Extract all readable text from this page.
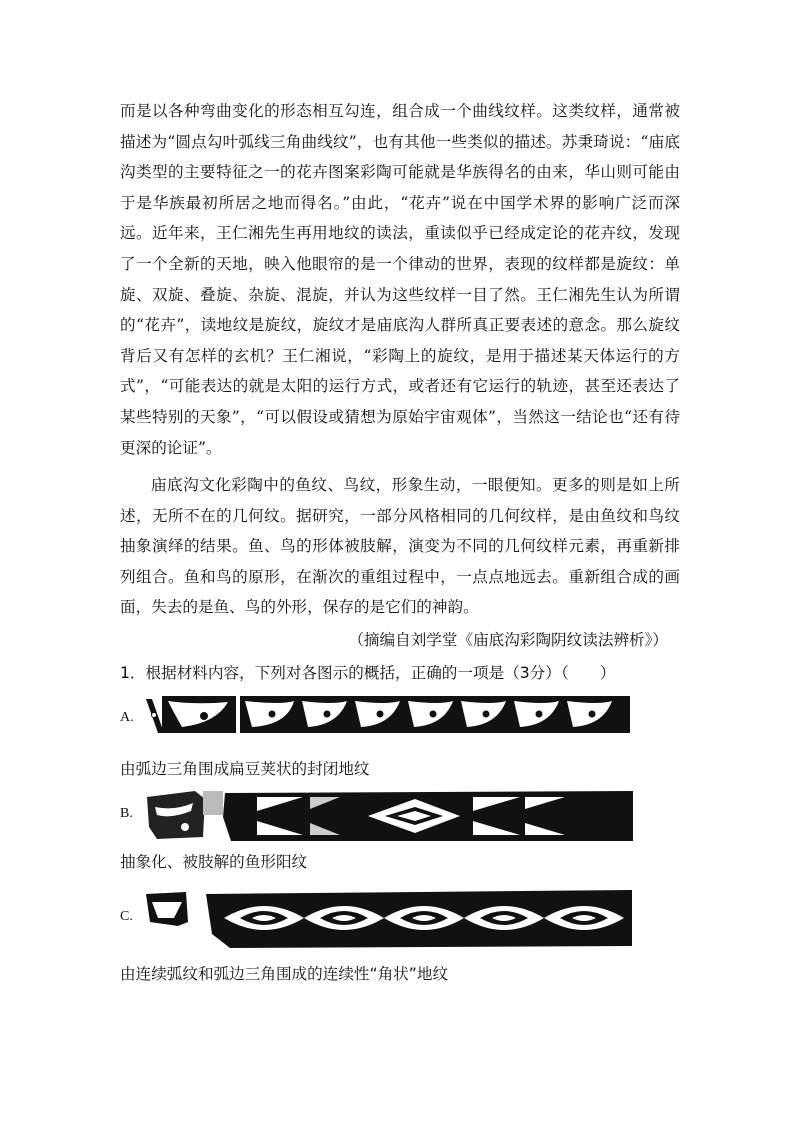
而是以各种弯曲变化的形态相互勾连，组合成一个曲线纹样。这类纹样，通常被描述为“圆点勾叶弧线三角曲线纹”，也有其他一些类似的描述。苏秉琦说：“庙底沟类型的主要特征之一的花卉图案彩陶可能就是华族得名的由来，华山则可能由于是华族最初所居之地而得名。”由此，“花卉”说在中国学术界的影响广泛而深远。近年来，王仁湘先生再用地纹的读法，重读似乎已经成定论的花卉纹，发现了一个全新的天地，映入他眼帘的是一个律动的世界，表现的纹样都是旋纹：单旋、双旋、叠旋、杂旋、混旋，并认为这些纹样一目了然。王仁湘先生认为所谓的“花卉”，读地纹是旋纹，旋纹才是庙底沟人群所真正要表述的意念。那么旋纹背后又有怎样的玄机？王仁湘说，“彩陶上的旋纹，是用于描述某天体运行的方式”，“可能表达的就是太阳的运行方式，或者还有它运行的轨迹，甚至还表达了某些特别的天象”，“可以假设或猜想为原始宇宙观体”，当然这一结论也“还有待更深的论证”。

庙底沟文化彩陶中的鱼纹、鸟纹，形象生动，一眼便知。更多的则是如上所述，无所不在的几何纹。据研究，一部分风格相同的几何纹样，是由鱼纹和鸟纹抽象演绎的结果。鱼、鸟的形体被肢解，演变为不同的几何纹样元素，再重新排列组合。鱼和鸟的原形，在渐次的重组过程中，一点点地远去。重新组合成的画面，失去的是鱼、鸟的外形，保存的是它们的神韵。

（摘编自刘学堂《庙底沟彩陶阴纹读法辨析》）
1．根据材料内容，下列对各图示的概括，正确的一项是（3分）（　　）
A.
由弧边三角围成扁豆荚状的封闭地纹
B.
抽象化、被肢解的鱼形阳纹
C.
由连续弧纹和弧边三角围成的连续性“角状”地纹
